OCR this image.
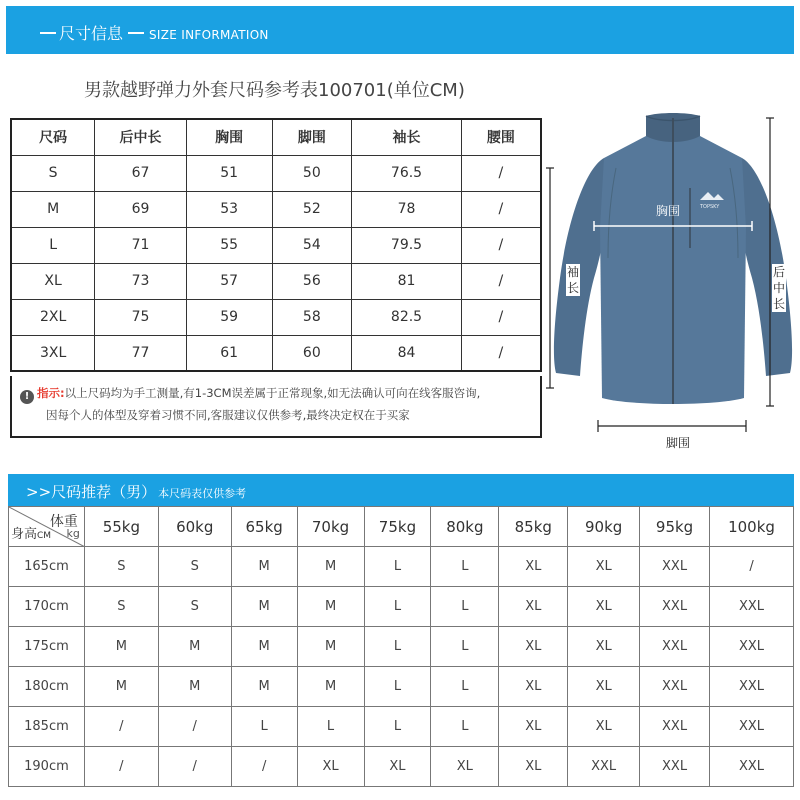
尺寸信息 SIZE INFORMATION
男款越野弹力外套尺码参考表100701(单位CM)
尺码	后中长	胸围	脚围	袖长	腰围
S	67	51	50	76.5	/
M	69	53	52	78	/
L	71	55	54	79.5	/
XL	73	57	56	81	/
2XL	75	59	58	82.5	/
3XL	77	61	60	84	/
! 指示:以上尺码均为手工测量,有1-3CM误差属于正常现象,如无法确认可向在线客服咨询,
因每个人的体型及穿着习惯不同,客服建议仅供参考,最终决定权在于买家
TOPSKY
胸围
袖长
后中长
脚围
>>尺码推荐（男） 本尺码表仅供参考
体重
kg
身高CM	55kg	60kg	65kg	70kg	75kg	80kg	85kg	90kg	95kg	100kg
165cm	S	S	M	M	L	L	XL	XL	XXL	/
170cm	S	S	M	M	L	L	XL	XL	XXL	XXL
175cm	M	M	M	M	L	L	XL	XL	XXL	XXL
180cm	M	M	M	M	L	L	XL	XL	XXL	XXL
185cm	/	/	L	L	L	L	XL	XL	XXL	XXL
190cm	/	/	/	XL	XL	XL	XL	XXL	XXL	XXL
